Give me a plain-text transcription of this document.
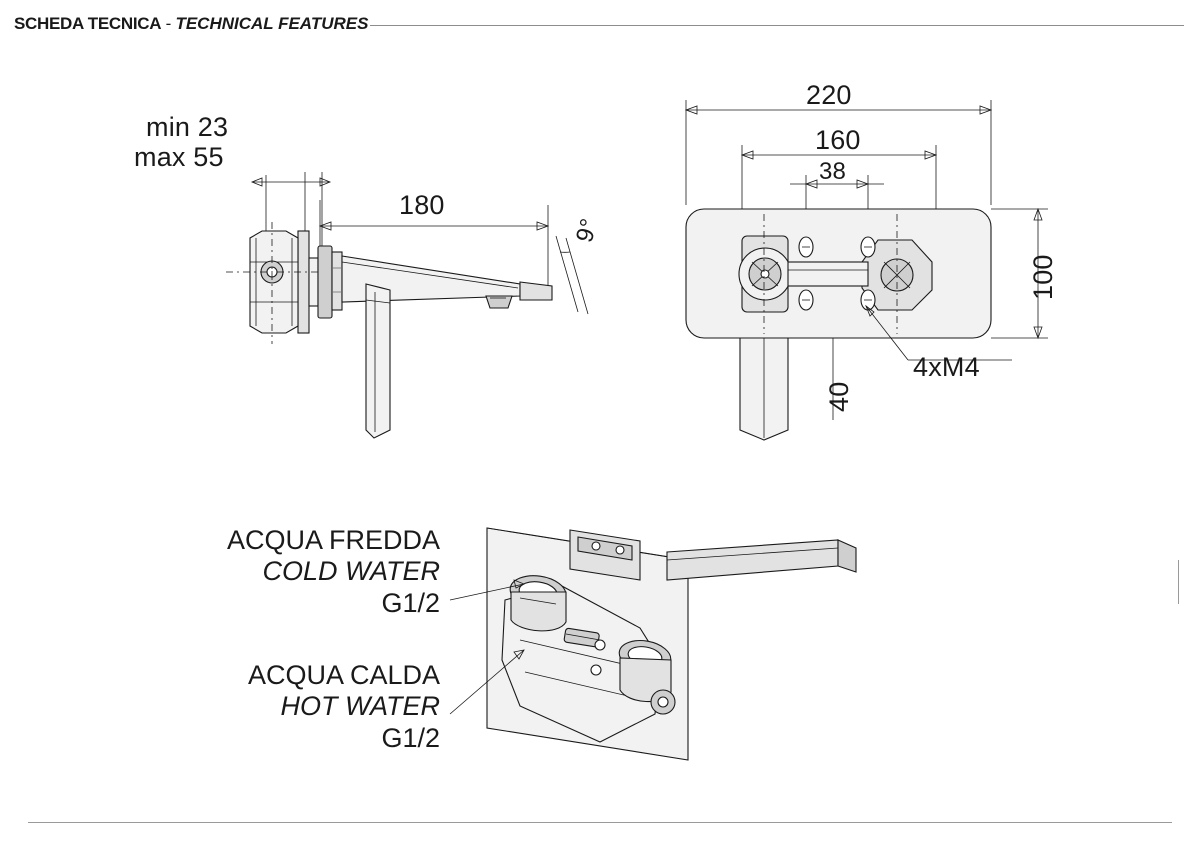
SCHEDA TECNICA - TECHNICAL FEATURES
min 23
max 55
180
9°
220
160
38
100
40
4xM4
ACQUA FREDDA
COLD WATER
G1/2
ACQUA CALDA
HOT WATER
G1/2
